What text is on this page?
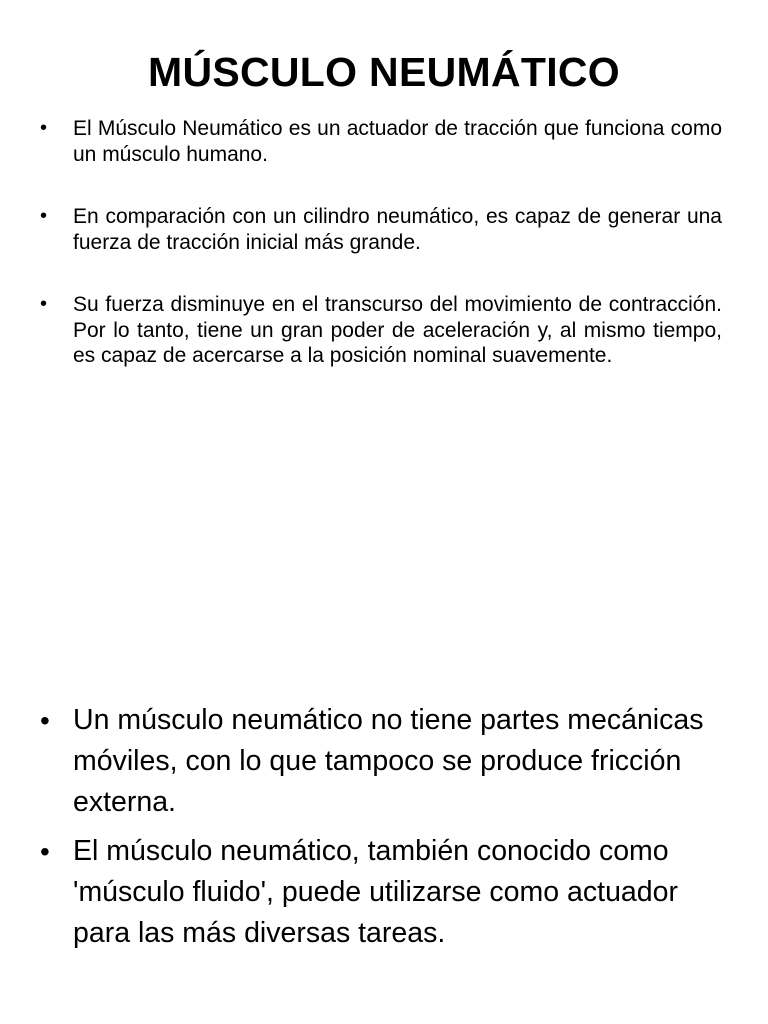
MÚSCULO NEUMÁTICO
• El Músculo Neumático es un actuador de tracción que funciona como un músculo humano.
• En comparación con un cilindro neumático, es capaz de generar una fuerza de tracción inicial más grande.
• Su fuerza disminuye en el transcurso del movimiento de contracción. Por lo tanto, tiene un gran poder de aceleración y, al mismo tiempo, es capaz de acercarse a la posición nominal suavemente.
• Un músculo neumático no tiene partes mecánicas móviles, con lo que tampoco se produce fricción externa.
• El músculo neumático, también conocido como 'músculo fluido', puede utilizarse como actuador para las más diversas tareas.
